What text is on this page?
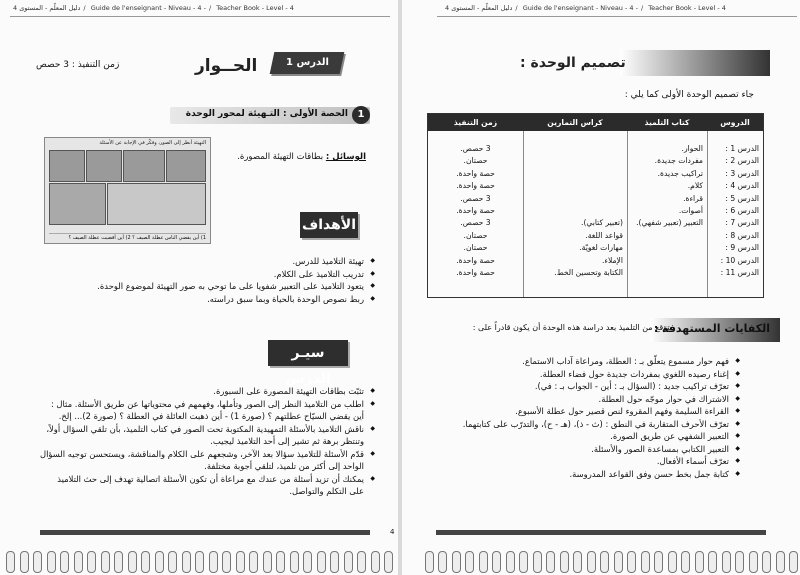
دليل المعلّم - المستوى 4 / Guide de l'enseignant - Niveau - 4 - / Teacher Book - Level - 4
زمن التنفيذ : 3 حصص	الحــوار	الدرس 1
1
الحصة الأولى : التـهيئة لمحور الوحدة
الوسائل : بطاقات التهيئة المصورة.
التهيئة أنظر إلى الصور، وفكّر في الإجابة عن الأسئلة
1) أين يقضي الناس عطلة الصيف ؟ 2) أين أقضيت عطلة الصيف ؟
الأهداف
◆ تهيئة التلاميذ للدرس.
◆ تدريب التلاميذ على الكلام.
◆ يتعود التلاميذ على التعبير شفويا على ما توحي به صور التهيئة لموضوع الوحدة.
◆ ربط نصوص الوحدة بالحياة وبما سبق دراسته.
سيـر الدرس
◆ تثبّت بطاقات التهيئة المصورة على السبورة.
◆ اطلب من التلاميذ النظر إلى الصور وتأملها، وفهمهم في محتوياتها عن طريق الأسئلة. مثال : أين يقضي السيّاح عطلتهم ؟ (صورة 1) - أين ذهبت العائلة في العطلة ؟ (صورة 2)... إلخ.
◆ ناقش التلاميذ بالأسئلة التمهيدية المكتوبة تحت الصور في كتاب التلميذ، بأن تلقي السؤال أولاً، وتنتظر برهة ثم تشير إلى أحد التلاميذ ليجيب.
◆ قدّم الأسئلة للتلاميذ سؤالا بعد الآخر، وشجعهم على الكلام والمناقشة، ويستحسن توجيه السؤال الواحد إلى أكثر من تلميذ، لتلقي أجوبة مختلفة.
◆ يمكنك أن تزيد أسئلة من عندك مع مراعاة أن تكون الأسئلة اتصالية تهدف إلى حث التلاميذ على التكلم والتواصل.
4
دليل المعلّم - المستوى 4 / Guide de l'enseignant - Niveau - 4 - / Teacher Book - Level - 4
تصميم الوحدة :
جاء تصميم الوحدة الأولى كما يلي :
الدروس
كتاب التلميذ
كراس التمارين
زمن التنفيذ
الدرس 1 :
الدرس 2 :
الدرس 3 :
الدرس 4 :
الدرس 5 :
الدرس 6 :
الدرس 7 :
الدرس 8 :
الدرس 9 :
الدرس 10 :
الدرس 11 :
الحوار.
مفردات جديدة.
تراكيب جديدة.
كلام.
قراءة.
أصوات.
التعبير (تعبير شفهي).
(تعبير كتابي).
قواعد اللغة.
مهارات لغويّة.
الإملاء.
الكتابة وتحسين الخط.
3 حصص.
حصتان.
حصة واحدة.
حصة واحدة.
3 حصص.
حصة واحدة.
3 حصص.
حصتان.
حصتان.
حصة واحدة.
حصة واحدة.
الكفايات المستهدفة :
يتوقع من التلميذ بعد دراسة هذه الوحدة أن يكون قادراً على :
◆ فهم حوار مسموع يتعلّق بـ : العطلة، ومراعاة آداب الاستماع.
◆ إغناء رصيده اللغوي بمفردات جديدة حول فضاء العطلة.
◆ تعرّف تراكيب جديد : (السؤال بـ : أين - الجواب بـ : في).
◆ الاشتراك في حوار موجّه حول العطلة.
◆ القراءة السليمة وفهم المقروء لنص قصير حول عطلة الأسبوع.
◆ تعرّف الأحرف المتقاربة في النطق : (ث - ذ)، (هـ - ح)، والتدرّب على كتابتهما.
◆ التعبير الشفهي عن طريق الصورة.
◆ التعبير الكتابي بمساعدة الصور والأسئلة.
◆ تعرّف أسماء الأفعال.
◆ كتابة جمل بخط حسن وفق القواعد المدروسة.
